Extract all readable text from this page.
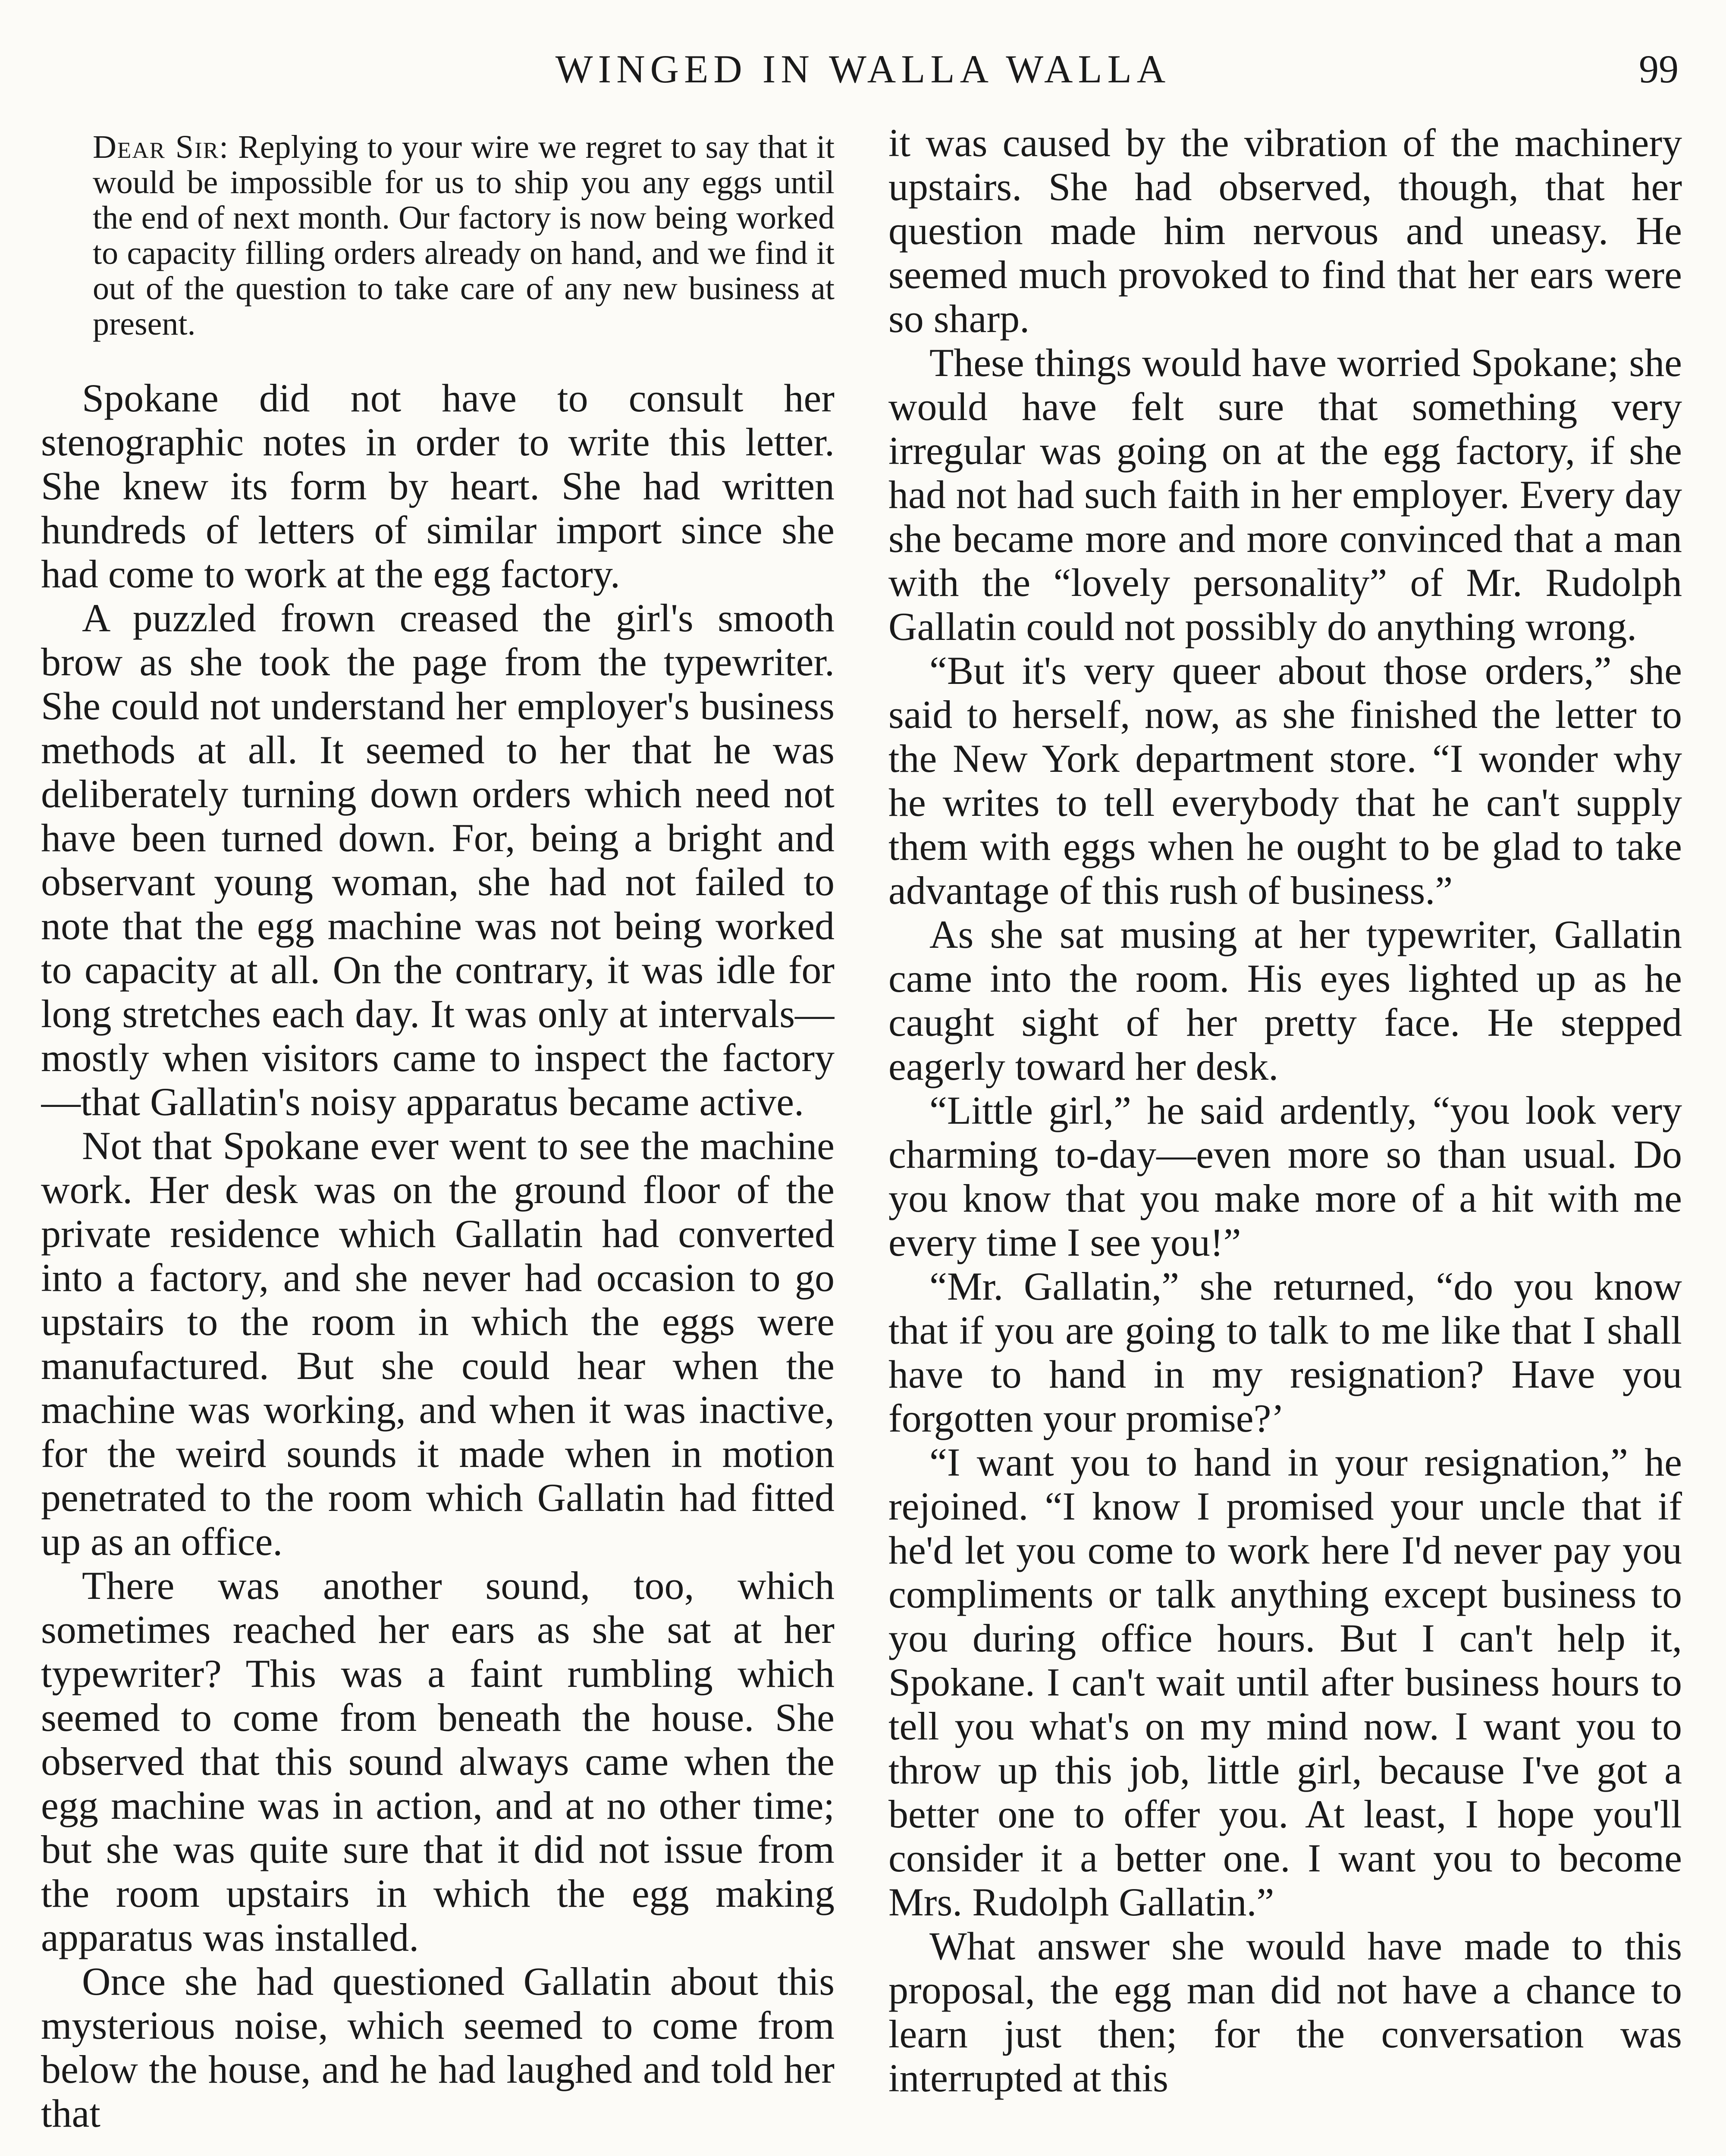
WINGED IN WALLA WALLA	99

Dear Sir: Replying to your wire we regret to say that it would be impossible for us to ship you any eggs until the end of next month. Our factory is now being worked to capacity filling orders already on hand, and we find it out of the question to take care of any new business at present.

Spokane did not have to consult her stenographic notes in order to write this letter. She knew its form by heart. She had written hundreds of letters of similar import since she had come to work at the egg factory.

A puzzled frown creased the girl's smooth brow as she took the page from the typewriter. She could not understand her employer's business methods at all. It seemed to her that he was deliberately turning down orders which need not have been turned down. For, being a bright and observant young woman, she had not failed to note that the egg machine was not being worked to capacity at all. On the contrary, it was idle for long stretches each day. It was only at intervals—mostly when visitors came to inspect the factory—that Gallatin's noisy apparatus became active.

Not that Spokane ever went to see the machine work. Her desk was on the ground floor of the private residence which Gallatin had converted into a factory, and she never had occasion to go upstairs to the room in which the eggs were manufactured. But she could hear when the machine was working, and when it was inactive, for the weird sounds it made when in motion penetrated to the room which Gallatin had fitted up as an office.

There was another sound, too, which sometimes reached her ears as she sat at her typewriter? This was a faint rumbling which seemed to come from beneath the house. She observed that this sound always came when the egg machine was in action, and at no other time; but she was quite sure that it did not issue from the room upstairs in which the egg making apparatus was installed.

Once she had questioned Gallatin about this mysterious noise, which seemed to come from below the house, and he had laughed and told her that

it was caused by the vibration of the machinery upstairs. She had observed, though, that her question made him nervous and uneasy. He seemed much provoked to find that her ears were so sharp.

These things would have worried Spokane; she would have felt sure that something very irregular was going on at the egg factory, if she had not had such faith in her employer. Every day she became more and more convinced that a man with the “lovely personality” of Mr. Rudolph Gallatin could not possibly do anything wrong.

“But it's very queer about those orders,” she said to herself, now, as she finished the letter to the New York department store. “I wonder why he writes to tell everybody that he can't supply them with eggs when he ought to be glad to take advantage of this rush of business.”

As she sat musing at her typewriter, Gallatin came into the room. His eyes lighted up as he caught sight of her pretty face. He stepped eagerly toward her desk.

“Little girl,” he said ardently, “you look very charming to-day—even more so than usual. Do you know that you make more of a hit with me every time I see you!”

“Mr. Gallatin,” she returned, “do you know that if you are going to talk to me like that I shall have to hand in my resignation? Have you forgotten your promise?’

“I want you to hand in your resignation,” he rejoined. “I know I promised your uncle that if he'd let you come to work here I'd never pay you compliments or talk anything except business to you during office hours. But I can't help it, Spokane. I can't wait until after business hours to tell you what's on my mind now. I want you to throw up this job, little girl, because I've got a better one to offer you. At least, I hope you'll consider it a better one. I want you to become Mrs. Rudolph Gallatin.”

What answer she would have made to this proposal, the egg man did not have a chance to learn just then; for the conversation was interrupted at this
